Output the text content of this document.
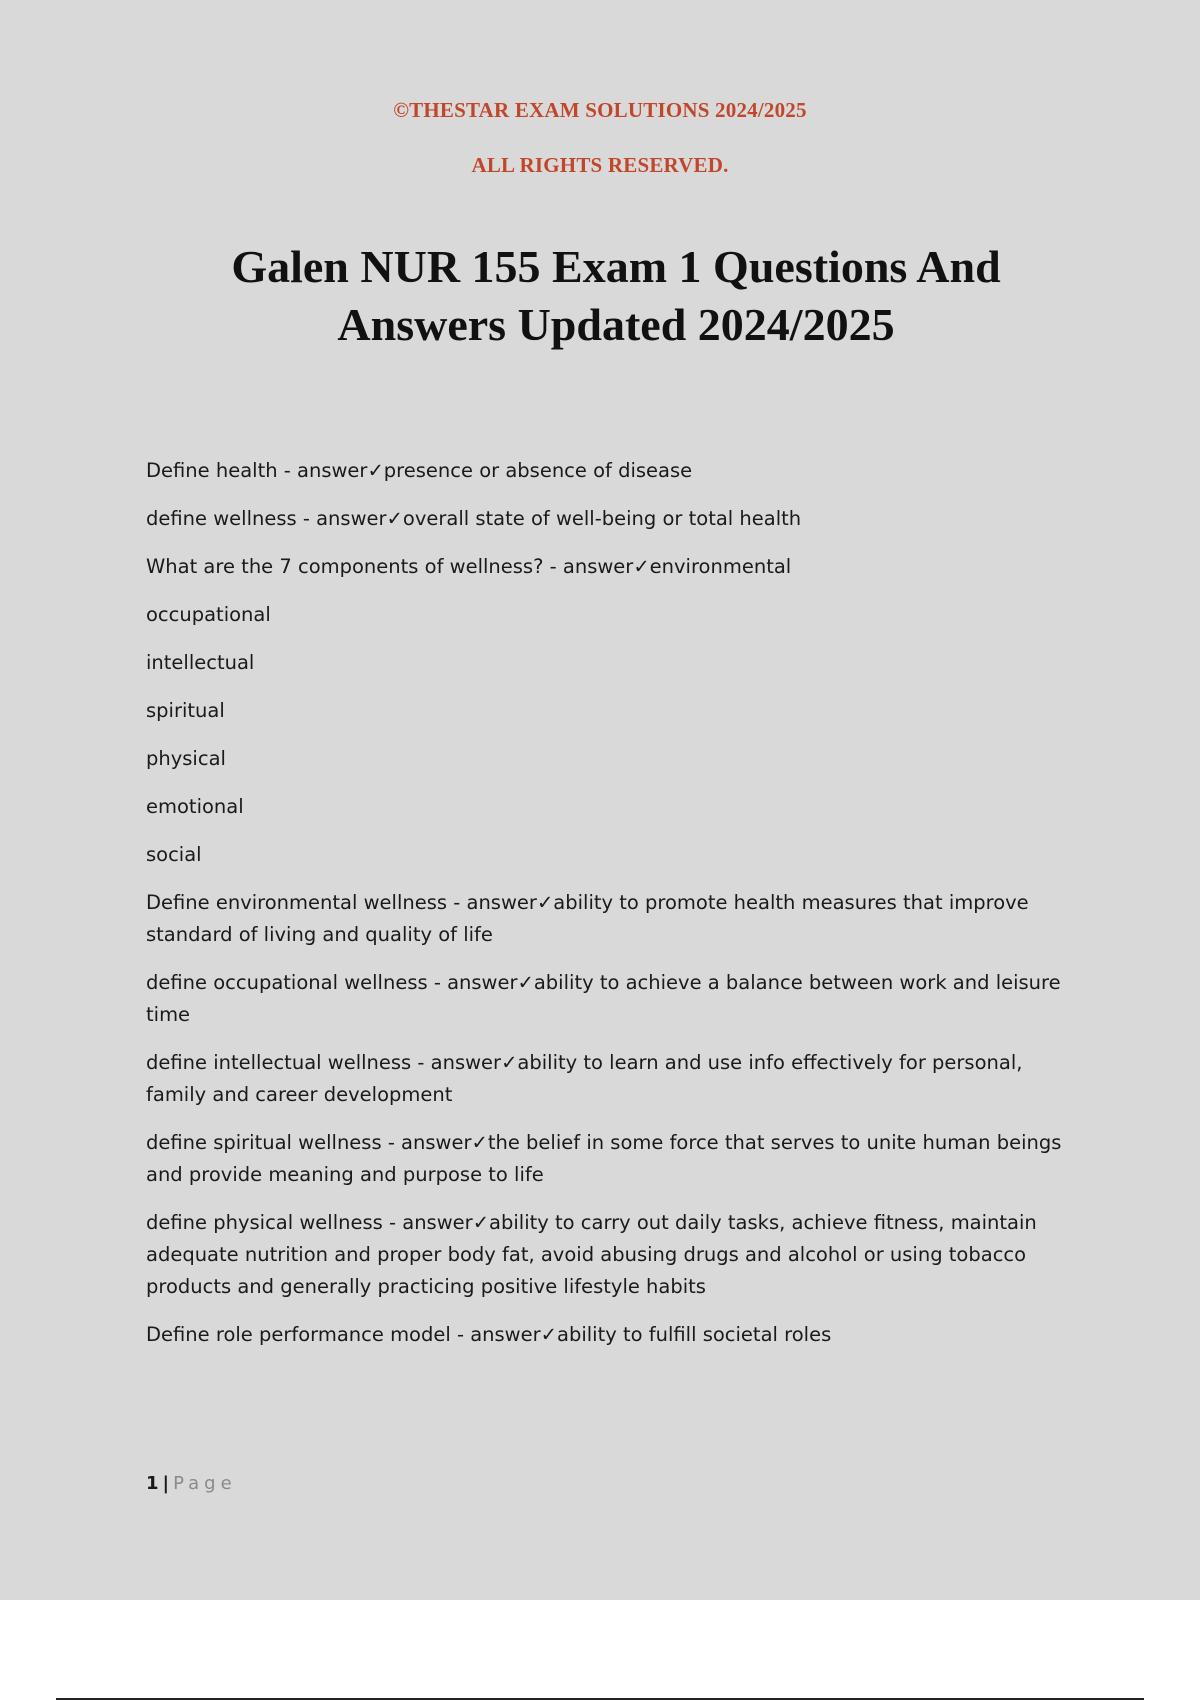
©THESTAR EXAM SOLUTIONS 2024/2025
ALL RIGHTS RESERVED.
Galen NUR 155 Exam 1 Questions And
Answers Updated 2024/2025
Define health - answer✓presence or absence of disease
define wellness - answer✓overall state of well-being or total health
What are the 7 components of wellness? - answer✓environmental
occupational
intellectual
spiritual
physical
emotional
social
Define environmental wellness - answer✓ability to promote health measures that improve standard of living and quality of life
define occupational wellness - answer✓ability to achieve a balance between work and leisure time
define intellectual wellness - answer✓ability to learn and use info effectively for personal, family and career development
define spiritual wellness - answer✓the belief in some force that serves to unite human beings and provide meaning and purpose to life
define physical wellness - answer✓ability to carry out daily tasks, achieve fitness, maintain adequate nutrition and proper body fat, avoid abusing drugs and alcohol or using tobacco products and generally practicing positive lifestyle habits
Define role performance model - answer✓ability to fulfill societal roles
1 | Page
